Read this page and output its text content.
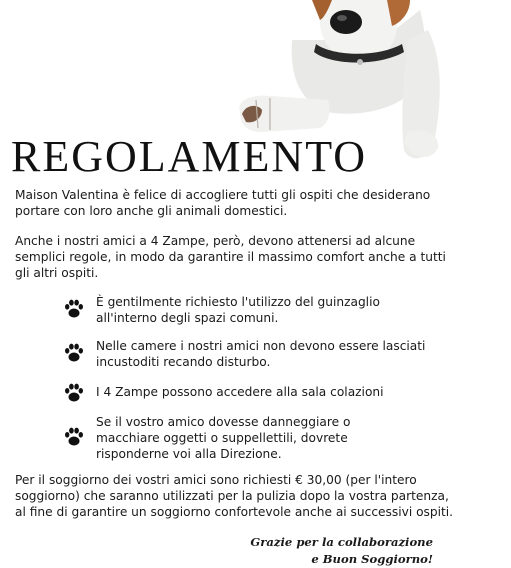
REGOLAMENTO

Maison Valentina è felice di accogliere tutti gli ospiti che desiderano portare con loro anche gli animali domestici.

Anche i nostri amici a 4 Zampe, però, devono attenersi ad alcune semplici regole, in modo da garantire il massimo comfort anche a tutti gli altri ospiti.

È gentilmente richiesto l'utilizzo del guinzaglio all'interno degli spazi comuni.

Nelle camere i nostri amici non devono essere lasciati incustoditi recando disturbo.

I 4 Zampe possono accedere alla sala colazioni

Se il vostro amico dovesse danneggiare o macchiare oggetti o suppellettili, dovrete risponderne voi alla Direzione.

Per il soggiorno dei vostri amici sono richiesti € 30,00 (per l'intero soggiorno) che saranno utilizzati per la pulizia dopo la vostra partenza, al fine di garantire un soggiorno confortevole anche ai successivi ospiti.

Grazie per la collaborazione
e Buon Soggiorno!
